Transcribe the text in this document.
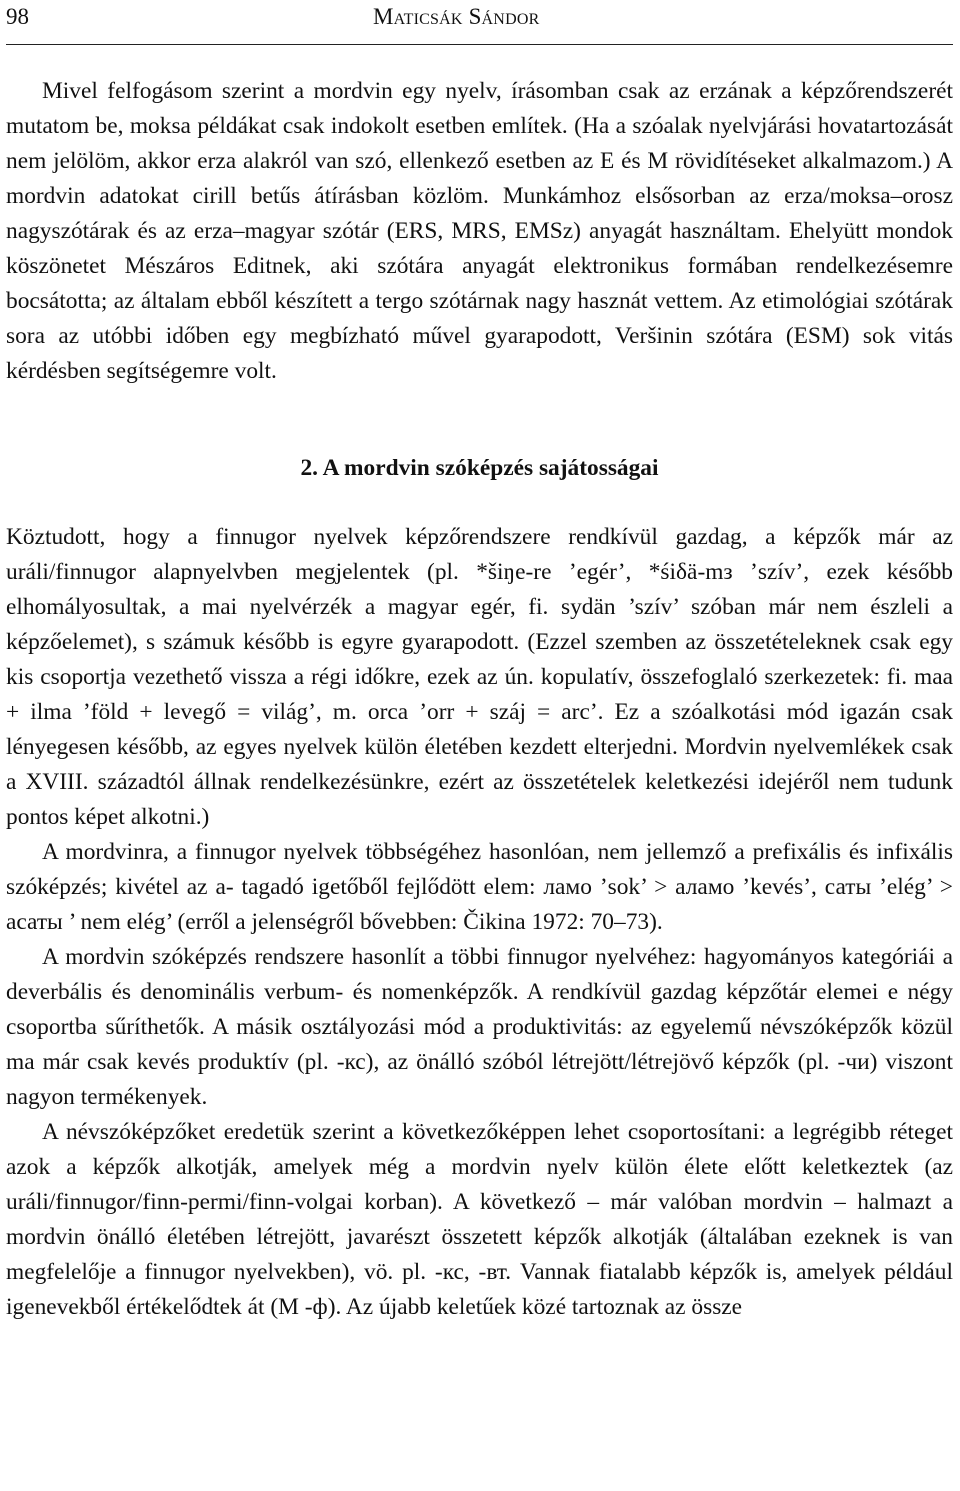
98	Maticsák Sándor

Mivel felfogásom szerint a mordvin egy nyelv, írásomban csak az erzának a képzőrendszerét mutatom be, moksa példákat csak indokolt esetben említek. (Ha a szóalak nyelvjárási hovatartozását nem jelölöm, akkor erza alakról van szó, ellenkező esetben az E és M rövidítéseket alkalmazom.) A mordvin adatokat cirill betűs átírásban közlöm. Munkámhoz elsősorban az erza/moksa–orosz nagyszótárak és az erza–magyar szótár (ERS, MRS, EMSz) anyagát használtam. Ehelyütt mondok köszönetet Mészáros Editnek, aki szótára anyagát elektronikus formában rendelkezésemre bocsátotta; az általam ebből készített a tergo szótárnak nagy hasznát vettem. Az etimológiai szótárak sora az utóbbi időben egy megbízható művel gyarapodott, Veršinin szótára (ESM) sok vitás kérdésben segítségemre volt.

2. A mordvin szóképzés sajátosságai

Köztudott, hogy a finnugor nyelvek képzőrendszere rendkívül gazdag, a képzők már az uráli/finnugor alapnyelvben megjelentek (pl. *šiŋe-re ’egér’, *śiδä-mз ’szív’, ezek később elhomályosultak, a mai nyelvérzék a magyar egér, fi. sydän ’szív’ szóban már nem észleli a képzőelemet), s számuk később is egyre gyarapodott. (Ezzel szemben az összetételeknek csak egy kis csoportja vezethető vissza a régi időkre, ezek az ún. kopulatív, összefoglaló szerkezetek: fi. maa + ilma ’föld + levegő = világ’, m. orca ’orr + száj = arc’. Ez a szóalkotási mód igazán csak lényegesen később, az egyes nyelvek külön életében kezdett elterjedni. Mordvin nyelvemlékek csak a XVIII. századtól állnak rendelkezésünkre, ezért az összetételek keletkezési idejéről nem tudunk pontos képet alkotni.)

A mordvinra, a finnugor nyelvek többségéhez hasonlóan, nem jellemző a prefixális és infixális szóképzés; kivétel az a- tagadó igetőből fejlődött elem: ламо ’sok’ > аламо ’kevés’, саты ’elég’ > асаты ’ nem elég’ (erről a jelenségről bővebben: Čikina 1972: 70–73).

A mordvin szóképzés rendszere hasonlít a többi finnugor nyelvéhez: hagyományos kategóriái a deverbális és denominális verbum- és nomenképzők. A rendkívül gazdag képzőtár elemei e négy csoportba sűríthetők. A másik osztályozási mód a produktivitás: az egyelemű névszóképzők közül ma már csak kevés produktív (pl. -кс), az önálló szóból létrejött/létrejövő képzők (pl. -чи) viszont nagyon termékenyek.

A névszóképzőket eredetük szerint a következőképpen lehet csoportosítani: a legrégibb réteget azok a képzők alkotják, amelyek még a mordvin nyelv külön élete előtt keletkeztek (az uráli/finnugor/finn-permi/finn-volgai korban). A következő – már valóban mordvin – halmazt a mordvin önálló életében létrejött, javarészt összetett képzők alkotják (általában ezeknek is van megfelelője a finnugor nyelvekben), vö. pl. -кс, -вт. Vannak fiatalabb képzők is, amelyek például igenevekből értékelődtek át (M -ф). Az újabb keletűek közé tartoznak az össze
